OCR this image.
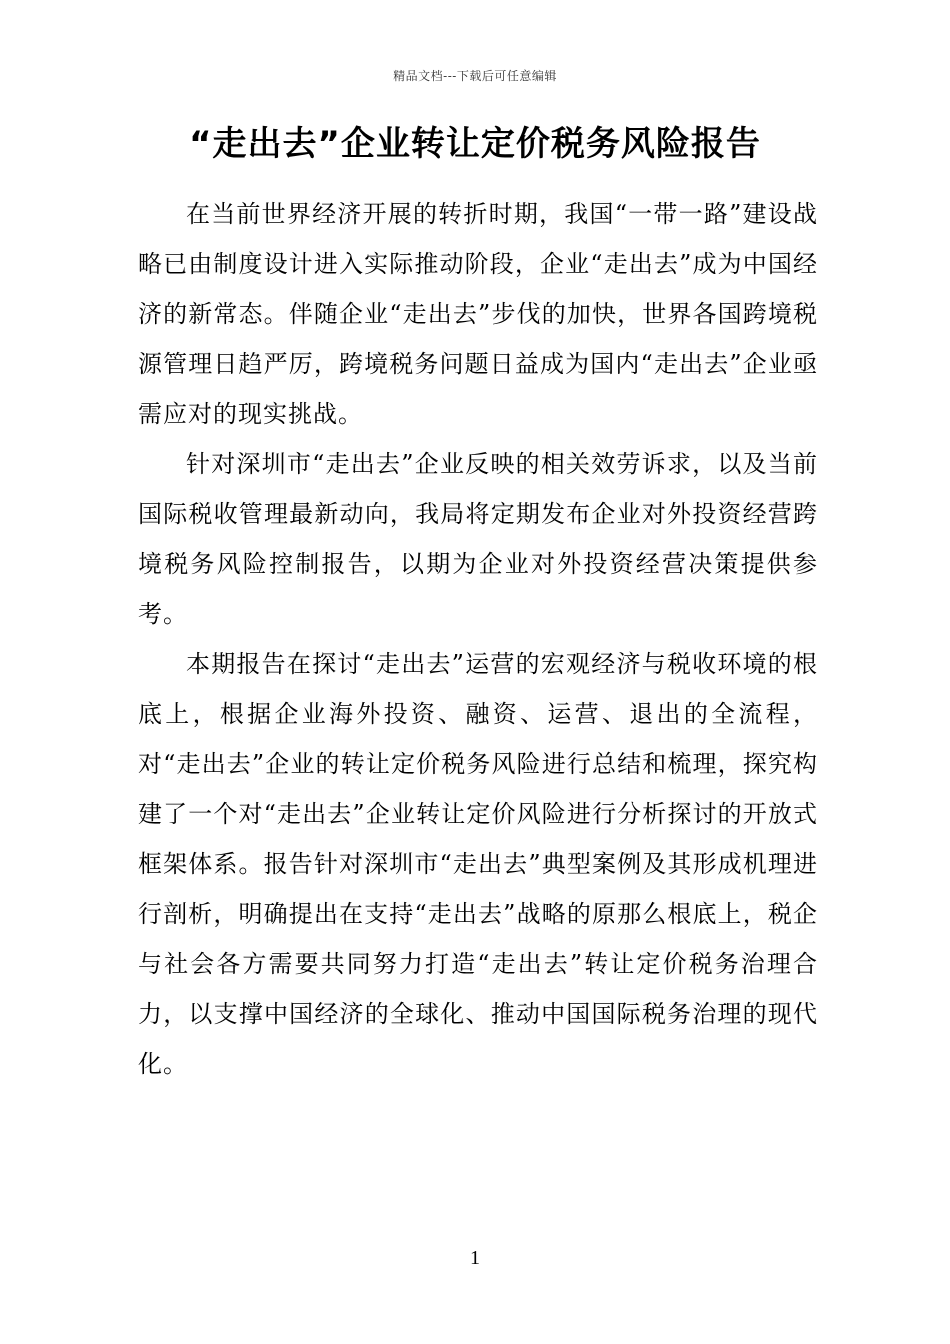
精品文档---下载后可任意编辑
“走出去”企业转让定价税务风险报告

在当前世界经济开展的转折时期，我国“一带一路”建设战略已由制度设计进入实际推动阶段，企业“走出去”成为中国经济的新常态。伴随企业“走出去”步伐的加快，世界各国跨境税源管理日趋严厉，跨境税务问题日益成为国内“走出去”企业亟需应对的现实挑战。

针对深圳市“走出去”企业反映的相关效劳诉求，以及当前国际税收管理最新动向，我局将定期发布企业对外投资经营跨境税务风险控制报告，以期为企业对外投资经营决策提供参考。

本期报告在探讨“走出去”运营的宏观经济与税收环境的根底上，根据企业海外投资、融资、运营、退出的全流程，对“走出去”企业的转让定价税务风险进行总结和梳理，探究构建了一个对“走出去”企业转让定价风险进行分析探讨的开放式框架体系。报告针对深圳市“走出去”典型案例及其形成机理进行剖析，明确提出在支持“走出去”战略的原那么根底上，税企与社会各方需要共同努力打造“走出去”转让定价税务治理合力，以支撑中国经济的全球化、推动中国国际税务治理的现代化。

1
